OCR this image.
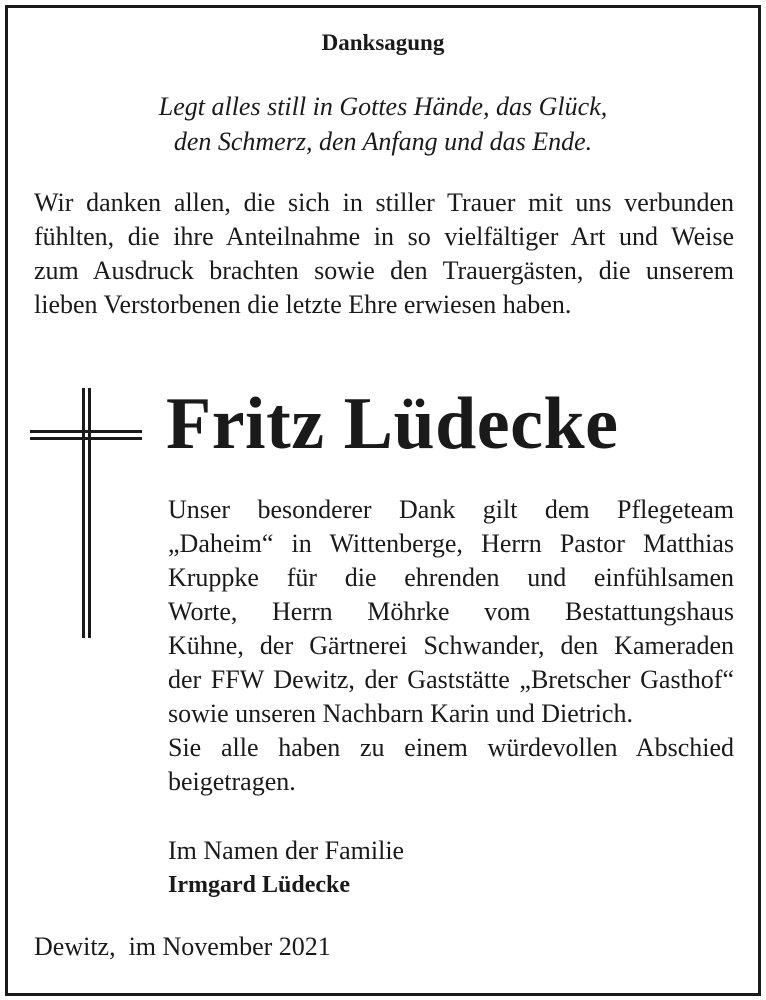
Danksagung
Legt alles still in Gottes Hände, das Glück,
den Schmerz, den Anfang und das Ende.
Wir danken allen, die sich in stiller Trauer mit uns verbunden
fühlten, die ihre Anteilnahme in so vielfältiger Art und Weise
zum Ausdruck brachten sowie den Trauergästen, die unserem
lieben Verstorbenen die letzte Ehre erwiesen haben.
Fritz Lüdecke
Unser besonderer Dank gilt dem Pflegeteam
„Daheim“ in Wittenberge, Herrn Pastor Matthias
Kruppke für die ehrenden und einfühlsamen
Worte, Herrn Möhrke vom Bestattungshaus
Kühne, der Gärtnerei Schwander, den Kameraden
der FFW Dewitz, der Gaststätte „Bretscher Gasthof“
sowie unseren Nachbarn Karin und Dietrich.
Sie alle haben zu einem würdevollen Abschied
beigetragen.
Im Namen der Familie
Irmgard Lüdecke
Dewitz,  im November 2021
